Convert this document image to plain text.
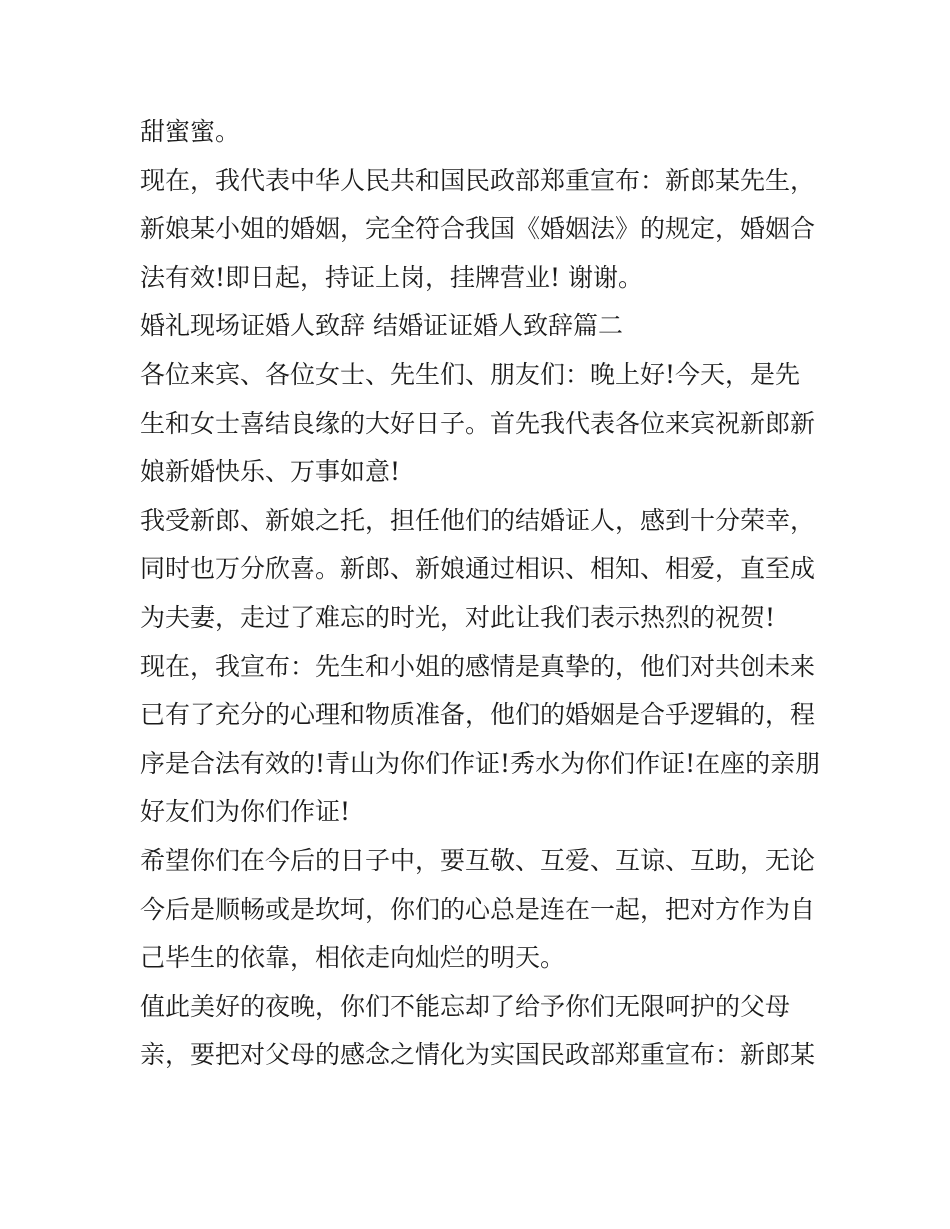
甜蜜蜜。

现在，我代表中华人民共和国民政部郑重宣布：新郎某先生，
新娘某小姐的婚姻，完全符合我国《婚姻法》的规定，婚姻合
法有效!即日起，持证上岗，挂牌营业! 谢谢。

婚礼现场证婚人致辞 结婚证证婚人致辞篇二

各位来宾、各位女士、先生们、朋友们：晚上好!今天，是先
生和女士喜结良缘的大好日子。首先我代表各位来宾祝新郎新
娘新婚快乐、万事如意!

我受新郎、新娘之托，担任他们的结婚证人，感到十分荣幸，
同时也万分欣喜。新郎、新娘通过相识、相知、相爱，直至成
为夫妻，走过了难忘的时光，对此让我们表示热烈的祝贺!

现在，我宣布：先生和小姐的感情是真挚的，他们对共创未来
已有了充分的心理和物质准备，他们的婚姻是合乎逻辑的，程
序是合法有效的!青山为你们作证!秀水为你们作证!在座的亲朋
好友们为你们作证!

希望你们在今后的日子中，要互敬、互爱、互谅、互助，无论
今后是顺畅或是坎坷，你们的心总是连在一起，把对方作为自
己毕生的依靠，相依走向灿烂的明天。

值此美好的夜晚，你们不能忘却了给予你们无限呵护的父母
亲，要把对父母的感念之情化为实国民政部郑重宣布：新郎某
